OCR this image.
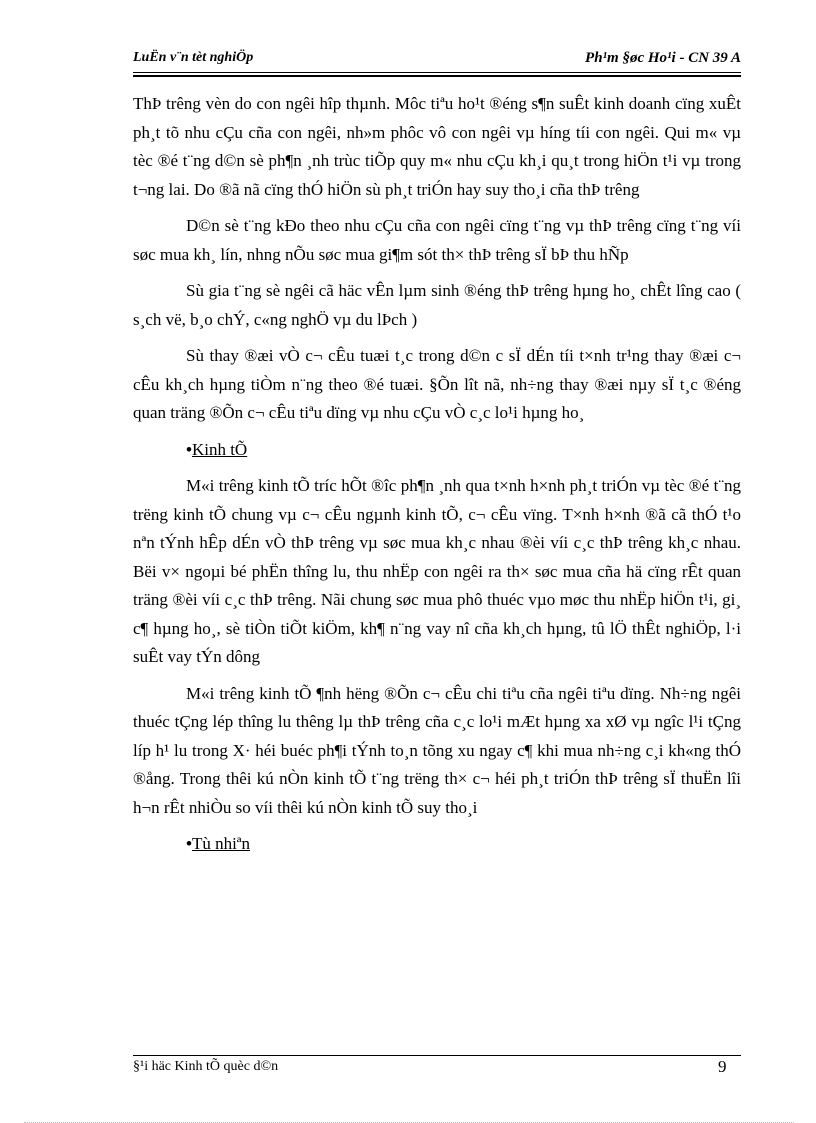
LuËn v¨n tèt nghiÖp	Ph¹m §øc Ho¹i - CN 39 A

ThÞ trêng vèn do con ngêi hîp thµnh. Môc tiªu ho¹t ®éng s¶n suÊt kinh doanh cïng xuÊt ph¸t tõ nhu cÇu cña con ngêi, nh»m phôc vô con ngêi vµ híng tíi con ngêi. Qui m« vµ tèc ®é t¨ng d©n sè ph¶n ¸nh trùc tiÕp quy m« nhu cÇu kh¸i qu¸t trong hiÖn t¹i vµ trong t¬ng lai. Do ®ã nã cïng thÓ hiÖn sù ph¸t triÓn hay suy tho¸i cña thÞ trêng

D©n sè t¨ng kÐo theo nhu cÇu cña con ngêi cïng t¨ng vµ thÞ trêng cïng t¨ng víi søc mua kh¸ lín, nhng nÕu søc mua gi¶m sót th× thÞ trêng sÏ bÞ thu hÑp

Sù gia t¨ng sè ngêi cã häc vÊn lµm sinh ®éng thÞ trêng hµng ho¸ chÊt lîng cao ( s¸ch vë, b¸o chÝ, c«ng nghÖ vµ du lÞch )

Sù thay ®æi vÒ c¬ cÊu tuæi t¸c trong d©n c sÏ dÉn tíi t×nh tr¹ng thay ®æi c¬ cÊu kh¸ch hµng tiÒm n¨ng theo ®é tuæi. §Õn lît nã, nh÷ng thay ®æi nµy sÏ t¸c ®éng quan träng ®Õn c¬ cÊu tiªu dïng vµ nhu cÇu vÒ c¸c lo¹i hµng ho¸

•Kinh tÕ

M«i trêng kinh tÕ tríc hÕt ®îc ph¶n ¸nh qua t×nh h×nh ph¸t triÓn vµ tèc ®é t¨ng trëng kinh tÕ chung vµ c¬ cÊu ngµnh kinh tÕ, c¬ cÊu vïng. T×nh h×nh ®ã cã thÓ t¹o nªn tÝnh hÊp dÉn vÒ thÞ trêng vµ søc mua kh¸c nhau ®èi víi c¸c thÞ trêng kh¸c nhau. Bëi v× ngoµi bé phËn thîng lu, thu nhËp con ngêi ra th× søc mua cña hä cïng rÊt quan träng ®èi víi c¸c thÞ trêng. Nãi chung søc mua phô thuéc vµo møc thu nhËp hiÖn t¹i, gi¸ c¶ hµng ho¸, sè tiÒn tiÕt kiÖm, kh¶ n¨ng vay nî cña kh¸ch hµng, tû lÖ thÊt nghiÖp, l·i suÊt vay tÝn dông

M«i trêng kinh tÕ ¶nh hëng ®Õn c¬ cÊu chi tiªu cña ngêi tiªu dïng. Nh÷ng ngêi thuéc tÇng lép thîng lu thêng lµ thÞ trêng cña c¸c lo¹i mÆt hµng xa xØ vµ ngîc l¹i tÇng líp h¹ lu trong X· héi buéc ph¶i tÝnh to¸n tõng xu ngay c¶ khi mua nh÷ng c¸i kh«ng thÓ ®ång. Trong thêi kú nÒn kinh tÕ t¨ng trëng th× c¬ héi ph¸t triÓn thÞ trêng sÏ thuËn lîi h¬n rÊt nhiÒu so víi thêi kú nÒn kinh tÕ suy tho¸i

•Tù nhiªn
§¹i häc Kinh tÕ quèc d©n	9
